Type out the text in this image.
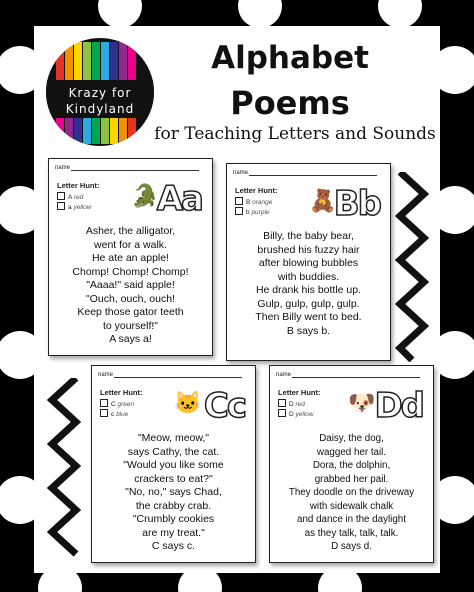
Krazy for
Kindyland
Alphabet
Poems
for Teaching Letters and Sounds
name
Letter Hunt:
A red
a yellow 🐊
Aa
Asher, the alligator,
went for a walk.
He ate an apple!
Chomp! Chomp! Chomp!
"Aaaa!" said apple!
"Ouch, ouch, ouch!
Keep those gator teeth
to yourself!"
A says a!
name
Letter Hunt:
B orange
b purple 🧸
Bb
Billy, the baby bear,
brushed his fuzzy hair
after blowing bubbles
with buddies.
He drank his bottle up.
Gulp, gulp, gulp, gulp.
Then Billy went to bed.
B says b.
name
Letter Hunt:
C green
c blue 🐱 Cc
"Meow, meow,"
says Cathy, the cat.
"Would you like some
crackers to eat?"
"No, no," says Chad,
the crabby crab.
"Crumbly cookies
are my treat."
C says c.
name
Letter Hunt:
D red
D yellow 🐶 Dd
Daisy, the dog,
wagged her tail.
Dora, the dolphin,
grabbed her pail.
They doodle on the driveway
with sidewalk chalk
and dance in the daylight
as they talk, talk, talk.
D says d.
